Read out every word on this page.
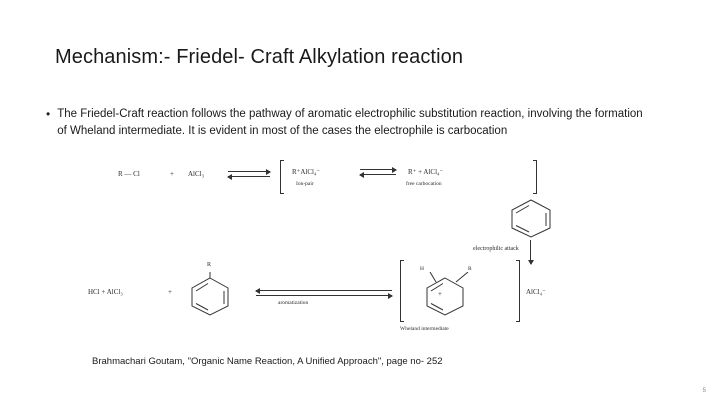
Mechanism:- Friedel- Craft Alkylation reaction
• The Friedel-Craft reaction follows the pathway of aromatic electrophilic substitution reaction, involving the formation of Wheland intermediate. It is evident in most of the cases the electrophile is carbocation
R — Cl	+ AlCl₃	R⁺AlCl₄⁻
Ion-pair
R⁺ + AlCl₄⁻
free carbocation
electrophilic attack
HCl + AlCl₃	+
R
aromatization
H	R
+
Wheland intermediate
AlCl₄⁻
Brahmachari Goutam, "Organic Name Reaction, A Unified Approach", page no- 252
5
